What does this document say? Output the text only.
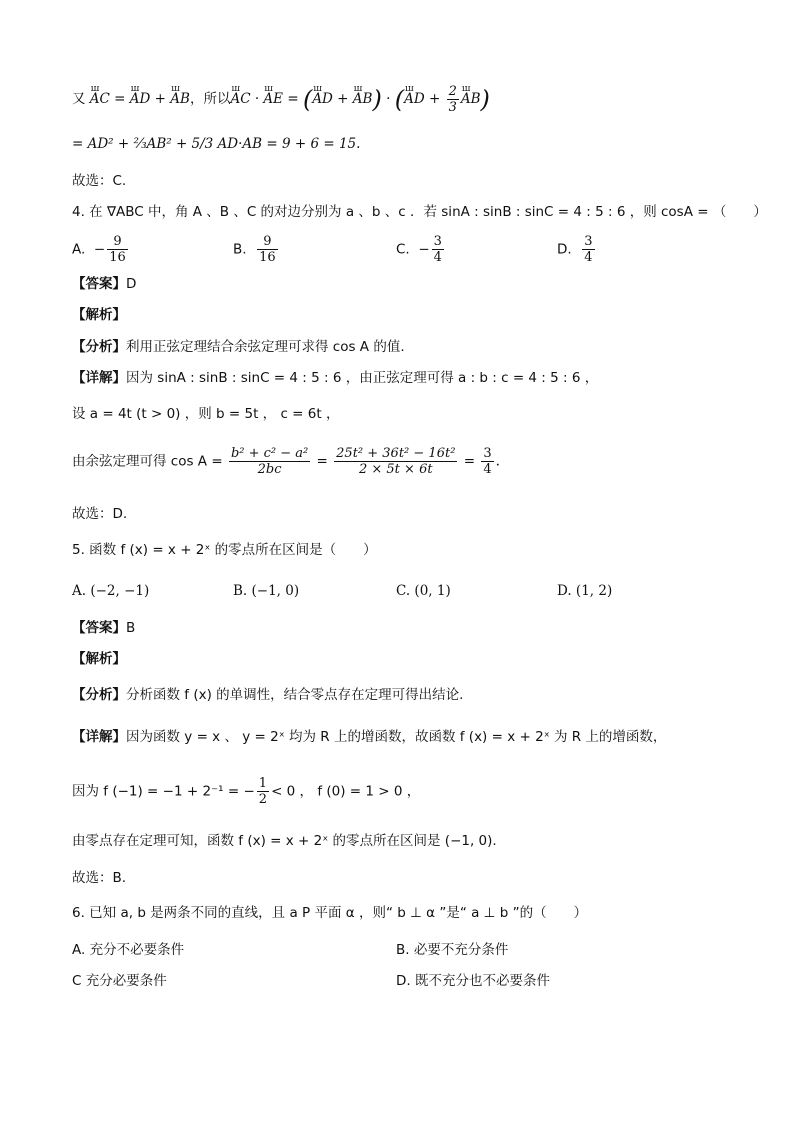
又 ꟺ AC = ꟺ AD + ꟺ AB，所以ꟺ AC · ꟺ AE = (ꟺ AD + ꟺ AB) · (ꟺ AD + $\frac{2}{3}$ ꟺ AB)
= AD² + ⅔AB² + 5/3 AD·AB = 9 + 6 = 15.
故选：C.
4. 在 ∇ABC 中，角 A 、B 、C 的对边分别为 a 、b 、c ．若 sinA : sinB : sinC = 4 : 5 : 6 ，则 cosA = （　　）
A. − $\frac{9}{16}$	B. $\frac{9}{16}$	C. − $\frac{3}{4}$	D. $\frac{3}{4}$
【答案】D
【解析】
【分析】利用正弦定理结合余弦定理可求得 cos A 的值.
【详解】因为 sinA : sinB : sinC = 4 : 5 : 6 ，由正弦定理可得 a : b : c = 4 : 5 : 6 ，
设 a = 4t (t > 0) ，则 b = 5t ， c = 6t ，
由余弦定理可得 $\cos A = \frac{\text{b² + c² − a²}}{2bc} = \frac{\text{25t² + 36t² − 16t²}}{2 \times 5t \times 6t} = \frac{3}{4}$ .
故选：D.
5. 函数 f (x) = x + 2ˣ 的零点所在区间是（　　）
A. (−2, −1)	B. (−1, 0)	C. (0, 1)	D. (1, 2)
【答案】B
【解析】
【分析】分析函数 f (x) 的单调性，结合零点存在定理可得出结论.
【详解】因为函数 y = x 、 y = 2ˣ 均为 R 上的增函数，故函数 f (x) = x + 2ˣ 为 R 上的增函数，
因为 f (−1) = −1 + 2⁻¹ = − $\frac{1}{2} < 0$ ， f (0) = 1 > 0 ，
由零点存在定理可知，函数 f (x) = x + 2ˣ 的零点所在区间是 (−1, 0).
故选：B.
6. 已知 a, b 是两条不同的直线，且 a P 平面 α ，则“ b ⊥ α ”是“ a ⊥ b ”的（　　）
A. 充分不必要条件	B. 必要不充分条件
C 充分必要条件	D. 既不充分也不必要条件
